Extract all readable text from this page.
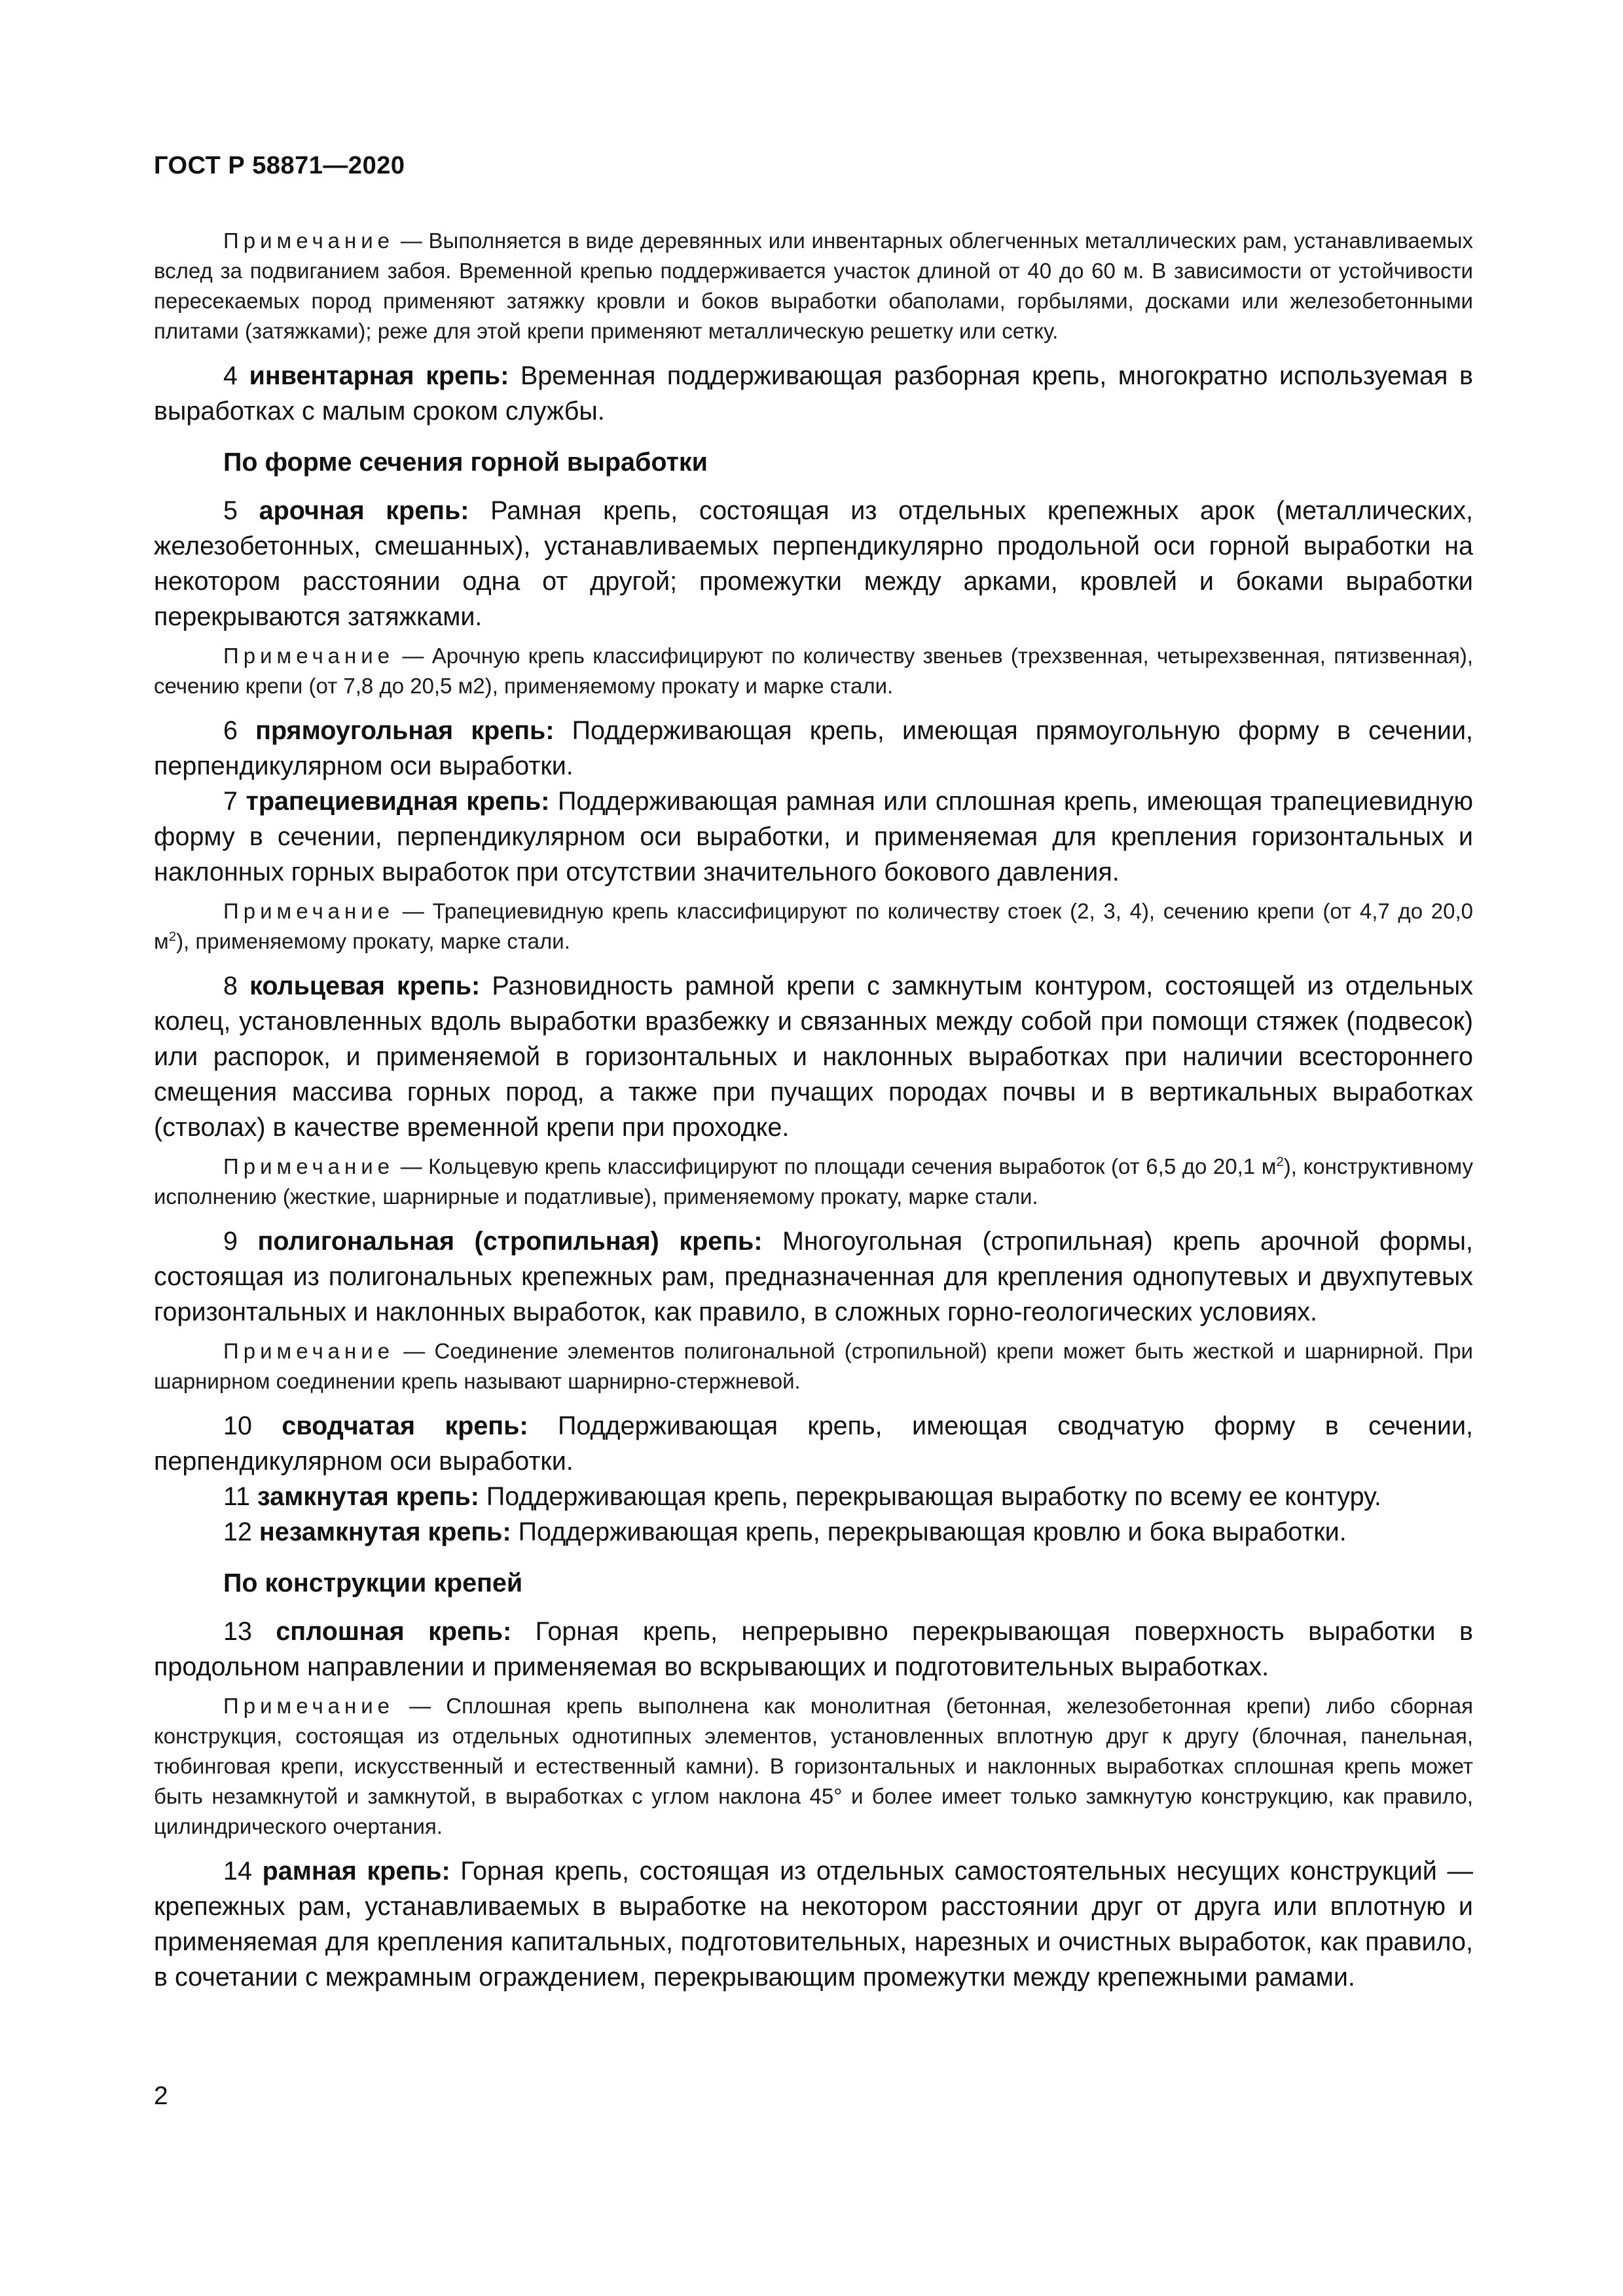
ГОСТ Р 58871—2020

Примечание — Выполняется в виде деревянных или инвентарных облегченных металлических рам, устанавливаемых вслед за подвиганием забоя. Временной крепью поддерживается участок длиной от 40 до 60 м. В зависимости от устойчивости пересекаемых пород применяют затяжку кровли и боков выработки обаполами, горбылями, досками или железобетонными плитами (затяжками); реже для этой крепи применяют металлическую решетку или сетку.

4 инвентарная крепь: Временная поддерживающая разборная крепь, многократно используемая в выработках с малым сроком службы.

По форме сечения горной выработки

5 арочная крепь: Рамная крепь, состоящая из отдельных крепежных арок (металлических, железобетонных, смешанных), устанавливаемых перпендикулярно продольной оси горной выработки на некотором расстоянии одна от другой; промежутки между арками, кровлей и боками выработки перекрываются затяжками.

Примечание — Арочную крепь классифицируют по количеству звеньев (трехзвенная, четырехзвенная, пятизвенная), сечению крепи (от 7,8 до 20,5 м2), применяемому прокату и марке стали.

6 прямоугольная крепь: Поддерживающая крепь, имеющая прямоугольную форму в сечении, перпендикулярном оси выработки.

7 трапециевидная крепь: Поддерживающая рамная или сплошная крепь, имеющая трапециевидную форму в сечении, перпендикулярном оси выработки, и применяемая для крепления горизонтальных и наклонных горных выработок при отсутствии значительного бокового давления.

Примечание — Трапециевидную крепь классифицируют по количеству стоек (2, 3, 4), сечению крепи (от 4,7 до 20,0 $м^2$), применяемому прокату, марке стали.

8 кольцевая крепь: Разновидность рамной крепи с замкнутым контуром, состоящей из отдельных колец, установленных вдоль выработки вразбежку и связанных между собой при помощи стяжек (подвесок) или распорок, и применяемой в горизонтальных и наклонных выработках при наличии всестороннего смещения массива горных пород, а также при пучащих породах почвы и в вертикальных выработках (стволах) в качестве временной крепи при проходке.

Примечание — Кольцевую крепь классифицируют по площади сечения выработок (от 6,5 до 20,1 $м^2$), конструктивному исполнению (жесткие, шарнирные и податливые), применяемому прокату, марке стали.

9 полигональная (стропильная) крепь: Многоугольная (стропильная) крепь арочной формы, состоящая из полигональных крепежных рам, предназначенная для крепления однопутевых и двухпутевых горизонтальных и наклонных выработок, как правило, в сложных горно-геологических условиях.

Примечание — Соединение элементов полигональной (стропильной) крепи может быть жесткой и шарнирной. При шарнирном соединении крепь называют шарнирно-стержневой.

10 сводчатая крепь: Поддерживающая крепь, имеющая сводчатую форму в сечении, перпендикулярном оси выработки.

11 замкнутая крепь: Поддерживающая крепь, перекрывающая выработку по всему ее контуру.

12 незамкнутая крепь: Поддерживающая крепь, перекрывающая кровлю и бока выработки.

По конструкции крепей

13 сплошная крепь: Горная крепь, непрерывно перекрывающая поверхность выработки в продольном направлении и применяемая во вскрывающих и подготовительных выработках.

Примечание — Сплошная крепь выполнена как монолитная (бетонная, железобетонная крепи) либо сборная конструкция, состоящая из отдельных однотипных элементов, установленных вплотную друг к другу (блочная, панельная, тюбинговая крепи, искусственный и естественный камни). В горизонтальных и наклонных выработках сплошная крепь может быть незамкнутой и замкнутой, в выработках с углом наклона 45° и более имеет только замкнутую конструкцию, как правило, цилиндрического очертания.

14 рамная крепь: Горная крепь, состоящая из отдельных самостоятельных несущих конструкций — крепежных рам, устанавливаемых в выработке на некотором расстоянии друг от друга или вплотную и применяемая для крепления капитальных, подготовительных, нарезных и очистных выработок, как правило, в сочетании с межрамным ограждением, перекрывающим промежутки между крепежными рамами.

2
